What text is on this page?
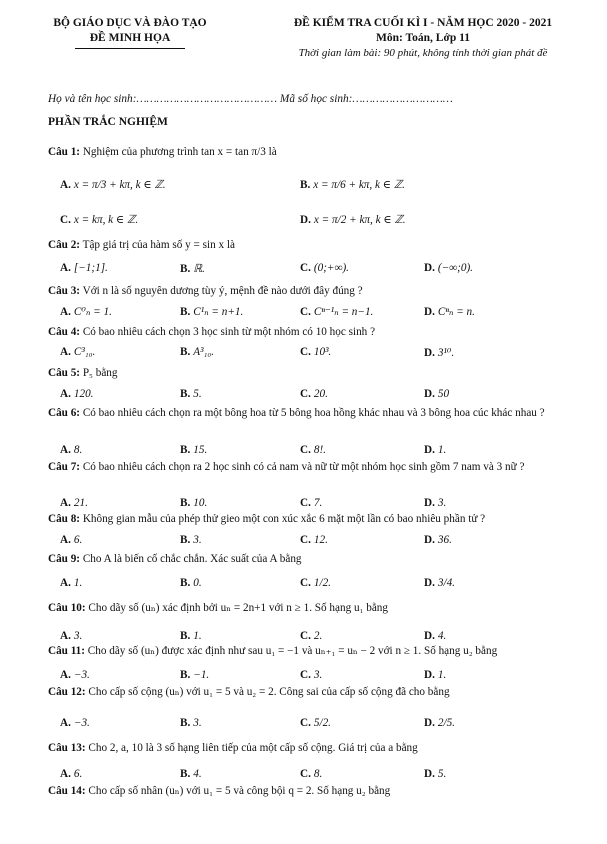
BỘ GIÁO DỤC VÀ ĐÀO TẠO
ĐỀ MINH HỌA
ĐỀ KIỂM TRA CUỐI KÌ I - NĂM HỌC 2020 - 2021
Môn: Toán, Lớp 11
Thời gian làm bài: 90 phút, không tính thời gian phát đề
Họ và tên học sinh:…………………………………… Mã số học sinh:…………………………
PHẦN TRẮC NGHIỆM
Câu 1: Nghiệm của phương trình tan x = tan π/3 là
A. x = π/3 + kπ, k ∈ ℤ.	B. x = π/6 + kπ, k ∈ ℤ.
C. x = kπ, k ∈ ℤ.	D. x = π/2 + kπ, k ∈ ℤ.
Câu 2: Tập giá trị của hàm số y = sin x là
A. [−1;1].	B. ℝ.	C. (0;+∞).	D. (−∞;0).
Câu 3: Với n là số nguyên dương tùy ý, mệnh đề nào dưới đây đúng ?
A. C⁰ₙ = 1.	B. C¹ₙ = n+1.	C. Cⁿ⁻¹ₙ = n−1.	D. Cⁿₙ = n.
Câu 4: Có bao nhiêu cách chọn 3 học sinh từ một nhóm có 10 học sinh ?
A. C³₁₀.	B. A³₁₀.	C. 10³.	D. 3¹⁰.
Câu 5: P₅ bằng
A. 120.	B. 5.	C. 20.	D. 50
Câu 6: Có bao nhiêu cách chọn ra một bông hoa từ 5 bông hoa hồng khác nhau và 3 bông hoa cúc khác nhau ?
A. 8.	B. 15.	C. 8!.	D. 1.
Câu 7: Có bao nhiêu cách chọn ra 2 học sinh có cả nam và nữ từ một nhóm học sinh gồm 7 nam và 3 nữ ?
A. 21.	B. 10.	C. 7.	D. 3.
Câu 8: Không gian mẫu của phép thử gieo một con xúc xắc 6 mặt một lần có bao nhiêu phần tử ?
A. 6.	B. 3.	C. 12.	D. 36.
Câu 9: Cho A là biến cố chắc chắn. Xác suất của A bằng
A. 1.	B. 0.	C. 1/2.	D. 3/4.
Câu 10: Cho dãy số (uₙ) xác định bởi uₙ = 2n+1 với n ≥ 1. Số hạng u₁ bằng
A. 3.	B. 1.	C. 2.	D. 4.
Câu 11: Cho dãy số (uₙ) được xác định như sau u₁ = −1 và uₙ₊₁ = uₙ − 2 với n ≥ 1. Số hạng u₂ bằng
A. −3.	B. −1.	C. 3.	D. 1.
Câu 12: Cho cấp số cộng (uₙ) với u₁ = 5 và u₂ = 2. Công sai của cấp số cộng đã cho bằng
A. −3.	B. 3.	C. 5/2.	D. 2/5.
Câu 13: Cho 2, a, 10 là 3 số hạng liên tiếp của một cấp số cộng. Giá trị của a bằng
A. 6.	B. 4.	C. 8.	D. 5.
Câu 14: Cho cấp số nhân (uₙ) với u₁ = 5 và công bội q = 2. Số hạng u₂ bằng
